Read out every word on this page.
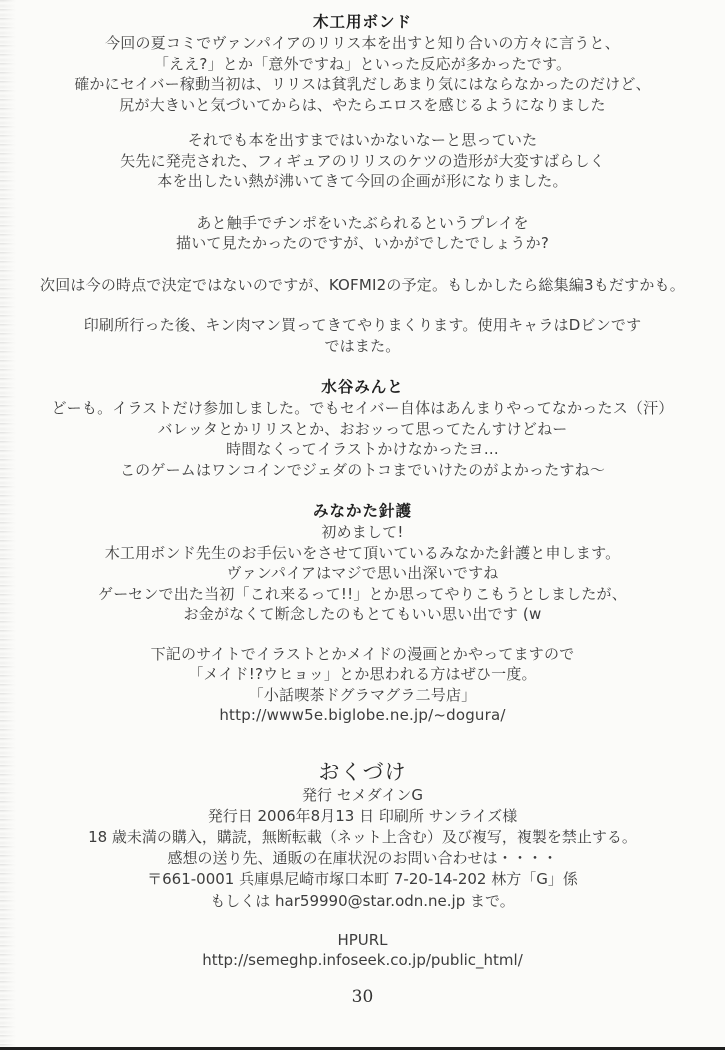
木工用ボンド
今回の夏コミでヴァンパイアのリリス本を出すと知り合いの方々に言うと、
「ええ?」とか「意外ですね」といった反応が多かったです。
確かにセイバー稼動当初は、リリスは貧乳だしあまり気にはならなかったのだけど、
尻が大きいと気づいてからは、やたらエロスを感じるようになりました
それでも本を出すまではいかないなーと思っていた
矢先に発売された、フィギュアのリリスのケツの造形が大変すばらしく
本を出したい熱が沸いてきて今回の企画が形になりました。
あと触手でチンポをいたぶられるというプレイを
描いて見たかったのですが、いかがでしたでしょうか?
次回は今の時点で決定ではないのですが、KOFMI2の予定。もしかしたら総集編3もだすかも。
印刷所行った後、キン肉マン買ってきてやりまくります。使用キャラはDビンです
ではまた。
水谷みんと
どーも。イラストだけ参加しました。でもセイバー自体はあんまりやってなかったス（汗）
バレッタとかリリスとか、おおッって思ってたんすけどねー
時間なくってイラストかけなかったヨ…
このゲームはワンコインでジェダのトコまでいけたのがよかったすね～
みなかた針護
初めまして!
木工用ボンド先生のお手伝いをさせて頂いているみなかた針護と申します。
ヴァンパイアはマジで思い出深いですね
ゲーセンで出た当初「これ来るって!!」とか思ってやりこもうとしましたが、
お金がなくて断念したのもとてもいい思い出です (w
下記のサイトでイラストとかメイドの漫画とかやってますので
「メイド!?ウヒョッ」とか思われる方はぜひ一度。
「小話喫茶ドグラマグラ二号店」
http://www5e.biglobe.ne.jp/~dogura/
おくづけ
発行 セメダインG
発行日 2006年8月13 日 印刷所 サンライズ様
18 歳未満の購入，購読，無断転載（ネット上含む）及び複写，複製を禁止する。
感想の送り先、通販の在庫状況のお問い合わせは・・・・
〒661-0001 兵庫県尼崎市塚口本町 7-20-14-202 林方「G」係
もしくは har59990@star.odn.ne.jp まで。
HPURL
http://semeghp.infoseek.co.jp/public_html/
30
